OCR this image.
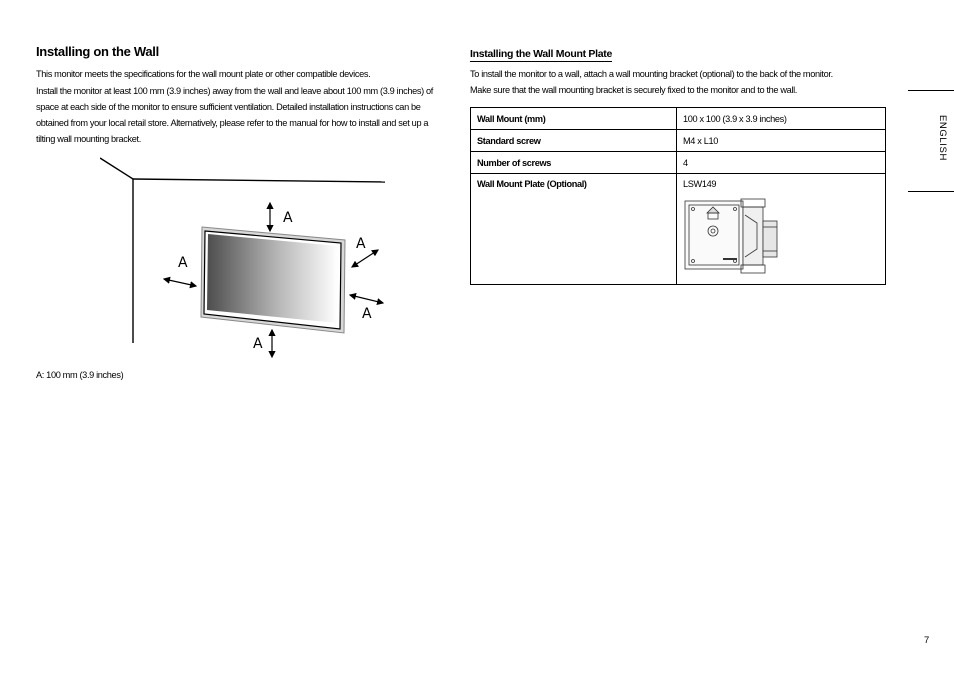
Installing on the Wall

This monitor meets the specifications for the wall mount plate or other compatible devices.

Install the monitor at least 100 mm (3.9 inches) away from the wall and leave about 100 mm (3.9 inches) of space at each side of the monitor to ensure sufficient ventilation. Detailed installation instructions can be obtained from your local retail store. Alternatively, please refer to the manual for how to install and set up a tilting wall mounting bracket.

A
A
A
A
A
A: 100 mm (3.9 inches)
Installing the Wall Mount Plate

To install the monitor to a wall, attach a wall mounting bracket (optional) to the back of the monitor.

Make sure that the wall mounting bracket is securely fixed to the monitor and to the wall.

Wall Mount (mm)	100 x 100 (3.9 x 3.9 inches)
Standard screw	M4 x L10
Number of screws	4
Wall Mount Plate (Optional)	LSW149
ENGLISH
7
